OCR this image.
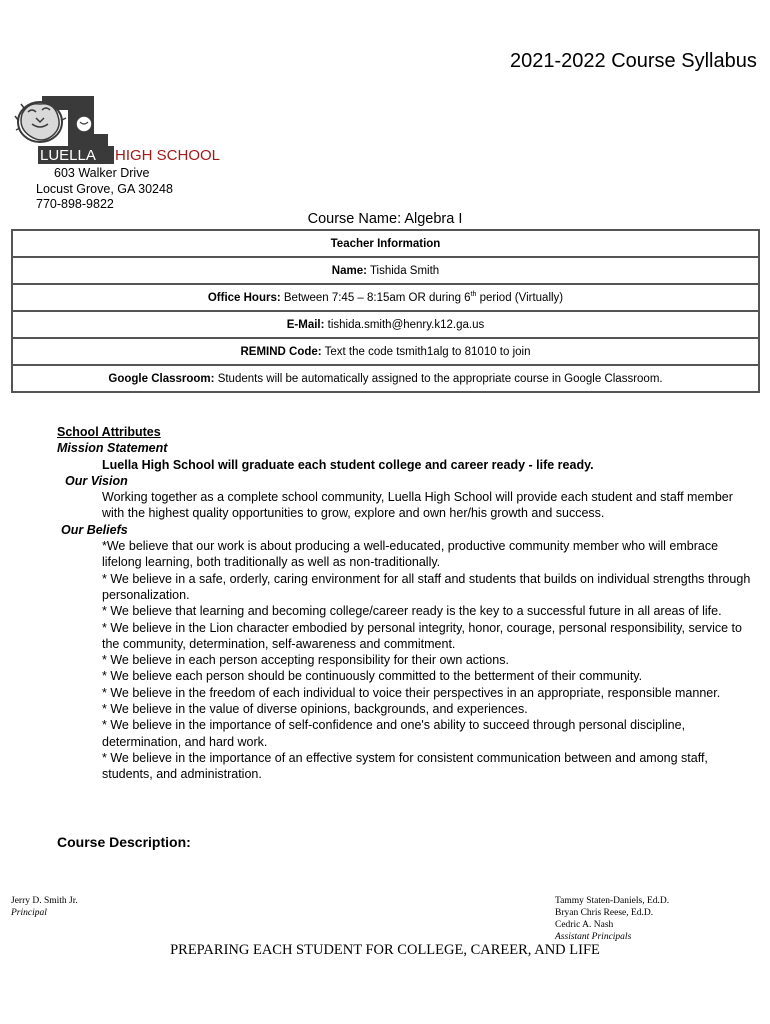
2021-2022 Course Syllabus
LUELLA HIGH SCHOOL
603 Walker Drive
Locust Grove, GA 30248
770-898-9822
Course Name: Algebra I
Teacher Information
Name: Tishida Smith
Office Hours: Between 7:45 – 8:15am OR during 6th period (Virtually)
E-Mail: tishida.smith@henry.k12.ga.us
REMIND Code: Text the code tsmith1alg to 81010 to join
Google Classroom: Students will be automatically assigned to the appropriate course in Google Classroom.
School Attributes
Mission Statement
Luella High School will graduate each student college and career ready - life ready.
Our Vision
Working together as a complete school community, Luella High School will provide each student and staff member with the highest quality opportunities to grow, explore and own her/his growth and success.
Our Beliefs
*We believe that our work is about producing a well-educated, productive community member who will embrace lifelong learning, both traditionally as well as non-traditionally.
* We believe in a safe, orderly, caring environment for all staff and students that builds on individual strengths through personalization.
* We believe that learning and becoming college/career ready is the key to a successful future in all areas of life.
* We believe in the Lion character embodied by personal integrity, honor, courage, personal responsibility, service to the community, determination, self-awareness and commitment.
* We believe in each person accepting responsibility for their own actions.
* We believe each person should be continuously committed to the betterment of their community.
* We believe in the freedom of each individual to voice their perspectives in an appropriate, responsible manner.
* We believe in the value of diverse opinions, backgrounds, and experiences.
* We believe in the importance of self-confidence and one's ability to succeed through personal discipline, determination, and hard work.
* We believe in the importance of an effective system for consistent communication between and among staff, students, and administration.
Course Description:
Jerry D. Smith Jr.
Principal
Tammy Staten-Daniels, Ed.D.
Bryan Chris Reese, Ed.D.
Cedric A. Nash
Assistant Principals
PREPARING EACH STUDENT FOR COLLEGE, CAREER, AND LIFE
